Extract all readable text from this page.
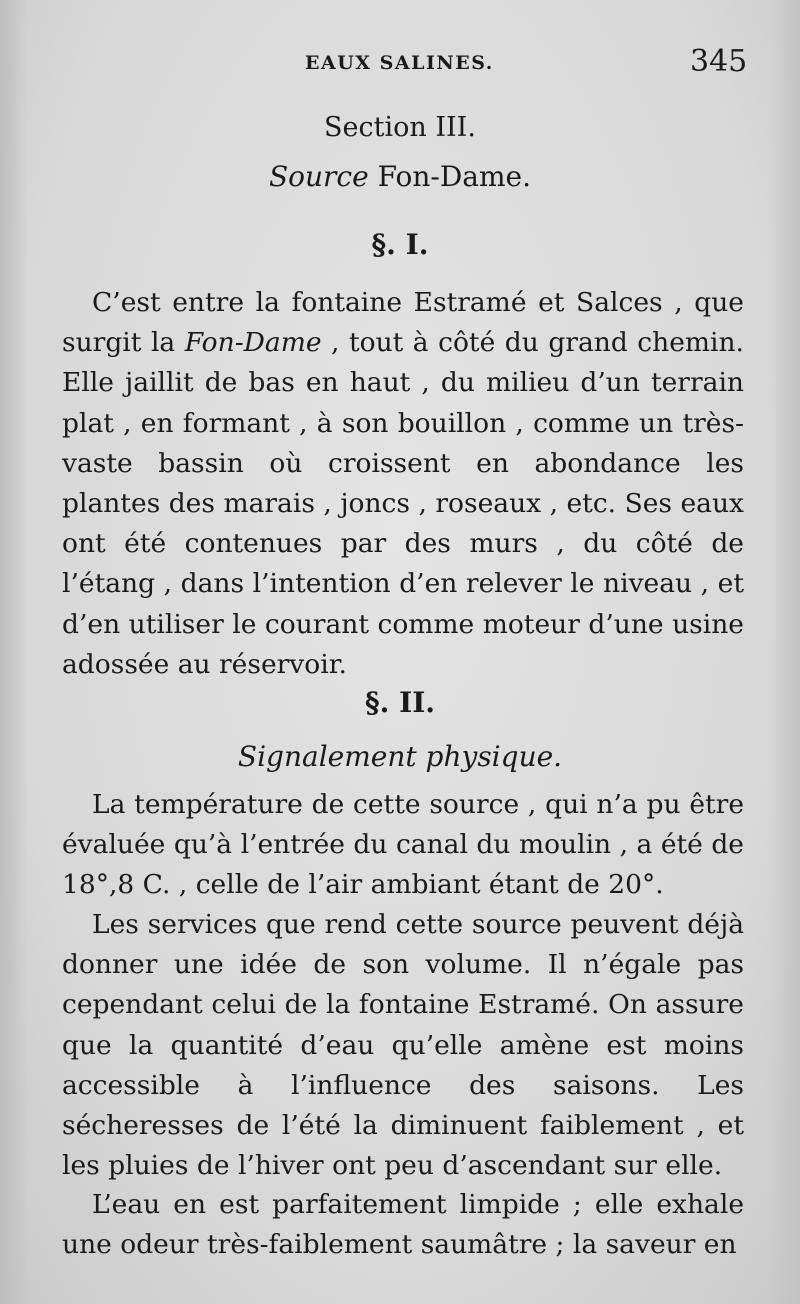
EAUX SALINES.	345
Section III.
Source Fon-Dame.
§. I.

C’est entre la fontaine Estramé et Salces , que surgit la Fon-Dame , tout à côté du grand chemin. Elle jaillit de bas en haut , du milieu d’un terrain plat , en formant , à son bouillon , comme un très-vaste bassin où croissent en abondance les plantes des marais , joncs , roseaux , etc. Ses eaux ont été contenues par des murs , du côté de l’étang , dans l’intention d’en relever le niveau , et d’en utiliser le courant comme moteur d’une usine adossée au réservoir.

§. II.
Signalement physique.

La température de cette source , qui n’a pu être évaluée qu’à l’entrée du canal du moulin , a été de 18°,8 C. , celle de l’air ambiant étant de 20°.

Les services que rend cette source peuvent déjà donner une idée de son volume. Il n’égale pas cependant celui de la fontaine Estramé. On assure que la quantité d’eau qu’elle amène est moins accessible à l’influence des saisons. Les sécheresses de l’été la diminuent faiblement , et les pluies de l’hiver ont peu d’ascendant sur elle.

L’eau en est parfaitement limpide ; elle exhale une odeur très-faiblement saumâtre ; la saveur en
